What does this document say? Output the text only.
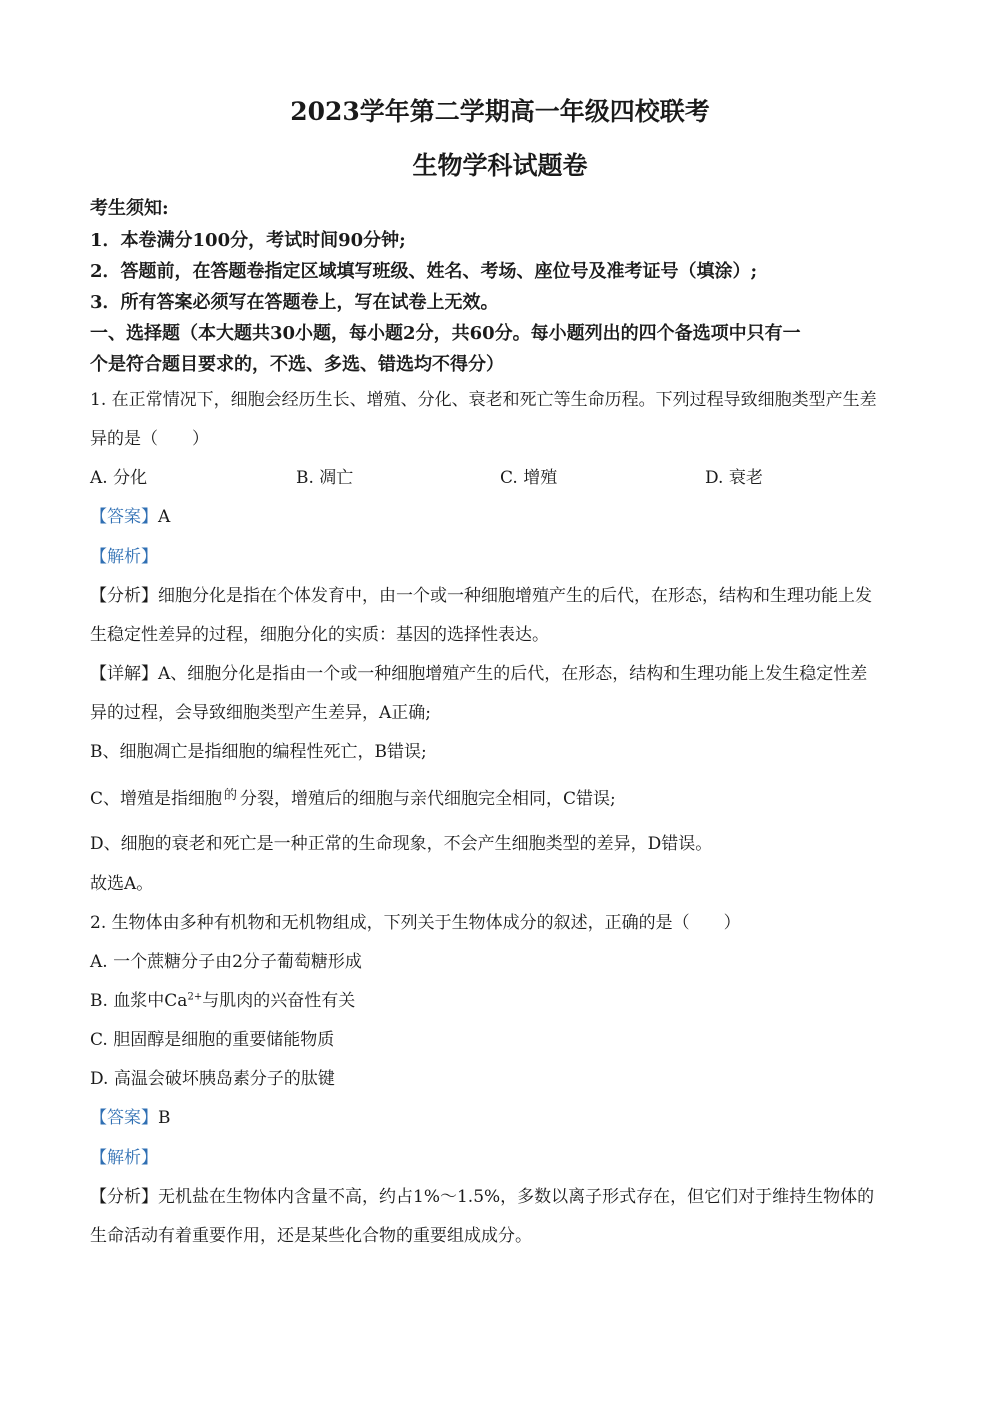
2023学年第二学期高一年级四校联考
生物学科试题卷
考生须知:
1．本卷满分100分，考试时间90分钟;
2．答题前，在答题卷指定区域填写班级、姓名、考场、座位号及准考证号（填涂）;
3．所有答案必须写在答题卷上，写在试卷上无效。
一、选择题（本大题共30小题，每小题2分，共60分。每小题列出的四个备选项中只有一
个是符合题目要求的，不选、多选、错选均不得分）
1. 在正常情况下，细胞会经历生长、增殖、分化、衰老和死亡等生命历程。下列过程导致细胞类型产生差
异的是（　　）
A. 分化	B. 凋亡	C. 增殖	D. 衰老
【答案】A
【解析】
【分析】细胞分化是指在个体发育中，由一个或一种细胞增殖产生的后代，在形态，结构和生理功能上发
生稳定性差异的过程，细胞分化的实质：基因的选择性表达。
【详解】A、细胞分化是指由一个或一种细胞增殖产生的后代，在形态，结构和生理功能上发生稳定性差
异的过程，会导致细胞类型产生差异，A正确;
B、细胞凋亡是指细胞的编程性死亡，B错误;
C、增殖是指细胞 的 分裂，增殖后的细胞与亲代细胞完全相同，C错误;
D、细胞的衰老和死亡是一种正常的生命现象，不会产生细胞类型的差异，D错误。
故选A。
2. 生物体由多种有机物和无机物组成，下列关于生物体成分的叙述，正确的是（　　）
A. 一个蔗糖分子由2分子葡萄糖形成
B. 血浆中$Ca^{2+}$与肌肉的兴奋性有关
C. 胆固醇是细胞的重要储能物质
D. 高温会破坏胰岛素分子的肽键
【答案】B
【解析】
【分析】无机盐在生物体内含量不高，约占1%～1.5%，多数以离子形式存在，但它们对于维持生物体的
生命活动有着重要作用，还是某些化合物的重要组成成分。
